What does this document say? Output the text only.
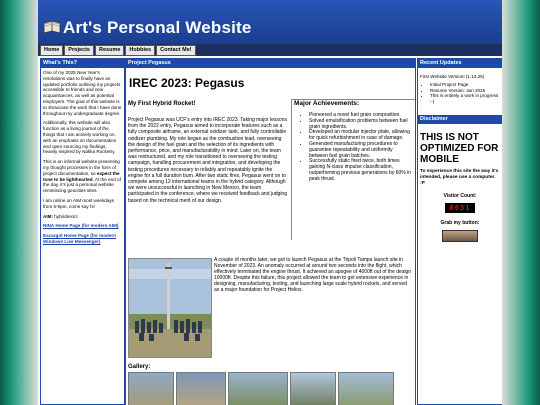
Art's Personal Website
Home	Projects	Resume	Hobbies	Contact Me!
What's This?

One of my 2025 New Year's resolutions was to finally have an updated portfolio outlining my projects accessible to friends and new acquaintances, as well as potential employers. The goal of this website is to showcase the work that I have done throughout my undergraduate degree.

Additionally, this website will also function as a living journal of the things that I am actively working on, with an emphasis on documentation and open sourcing my findings, heavily inspired by Nakka Rocketry.

This is an informal website presenting my thought processes in the form of project documentation, so expect the tone to be lighthearted. At the end of the day, it's just a personal website reminiscing geocities sites.

I am online on AIM most weekdays from 5-9pm, come say hi!

AIM: hybridrecirc

NINA Home Page (for modern AIM)

Escargot Home Page (for modern Windows Live Messenger)

Project Pegasus
IREC 2023: Pegasus
My First Hybrid Rocket!
Project Pegasus was UCF's entry into IREC 2023. Taking major lessons from the 2022 entry, Pegasus aimed to incorporate features such as a fully composite airframe, an external oxidizer tank, and fully controllable oxidizer plumbing. My role began as the combustion lead, overseeing the design of the fuel grain and the selection of its ingredients with performance, price, and manufacturability in mind. Later on, the team was restructured, and my role transitioned to overseeing the testing campaign, handling procurement and integration, and developing the testing procedures necessary to reliably and repeatably ignite the engine for a full duration burn. After two static fires, Pegasus went on to compete among 12 international teams in the hybrid category. Although we were unsuccessful in launching in New Mexico, the team participated in the conference, where we received feedback and judging based on the technical merit of our design.
Major Achievements:
• Pioneered a novel fuel grain composition.
• Solved emulsification problems between fuel grain ingredients.
• Developed an modular injector plate, allowing for quick refurbishment in case of damage.
• Generated manufacturing procedures to guarantee repeatability and uniformity between fuel grain batches.
• Successfully static fired twice, both times gaining N-class impulse classification, outperforming previous generations by 60% in peak thrust.
A couple of months later, we got to launch Pegasus at the Tripoli Tampa launch site in November of 2023. An anomaly occurred at around two seconds into the flight, which effectively terminated the engine thrust. It achieved an apogee of 4000ft out of the design 10000ft. Despite this failure, this project allowed the team to get extensive experience in designing, manufacturing, testing, and launching large scale hybrid rockets, and served as a major foundation for Project Helios.
Gallery:
Recent Updates
First Website Version! (1.14.25)
• Initial Project Page
• Resume Version: Jan 2025
• This is entirely a work in progress :-)
Disclaimer
THIS IS NOT OPTIMIZED FOR MOBILE
To experience this site the way it's intended, please use a computer. :P
Visitor Count:
0031
Grab my button:
